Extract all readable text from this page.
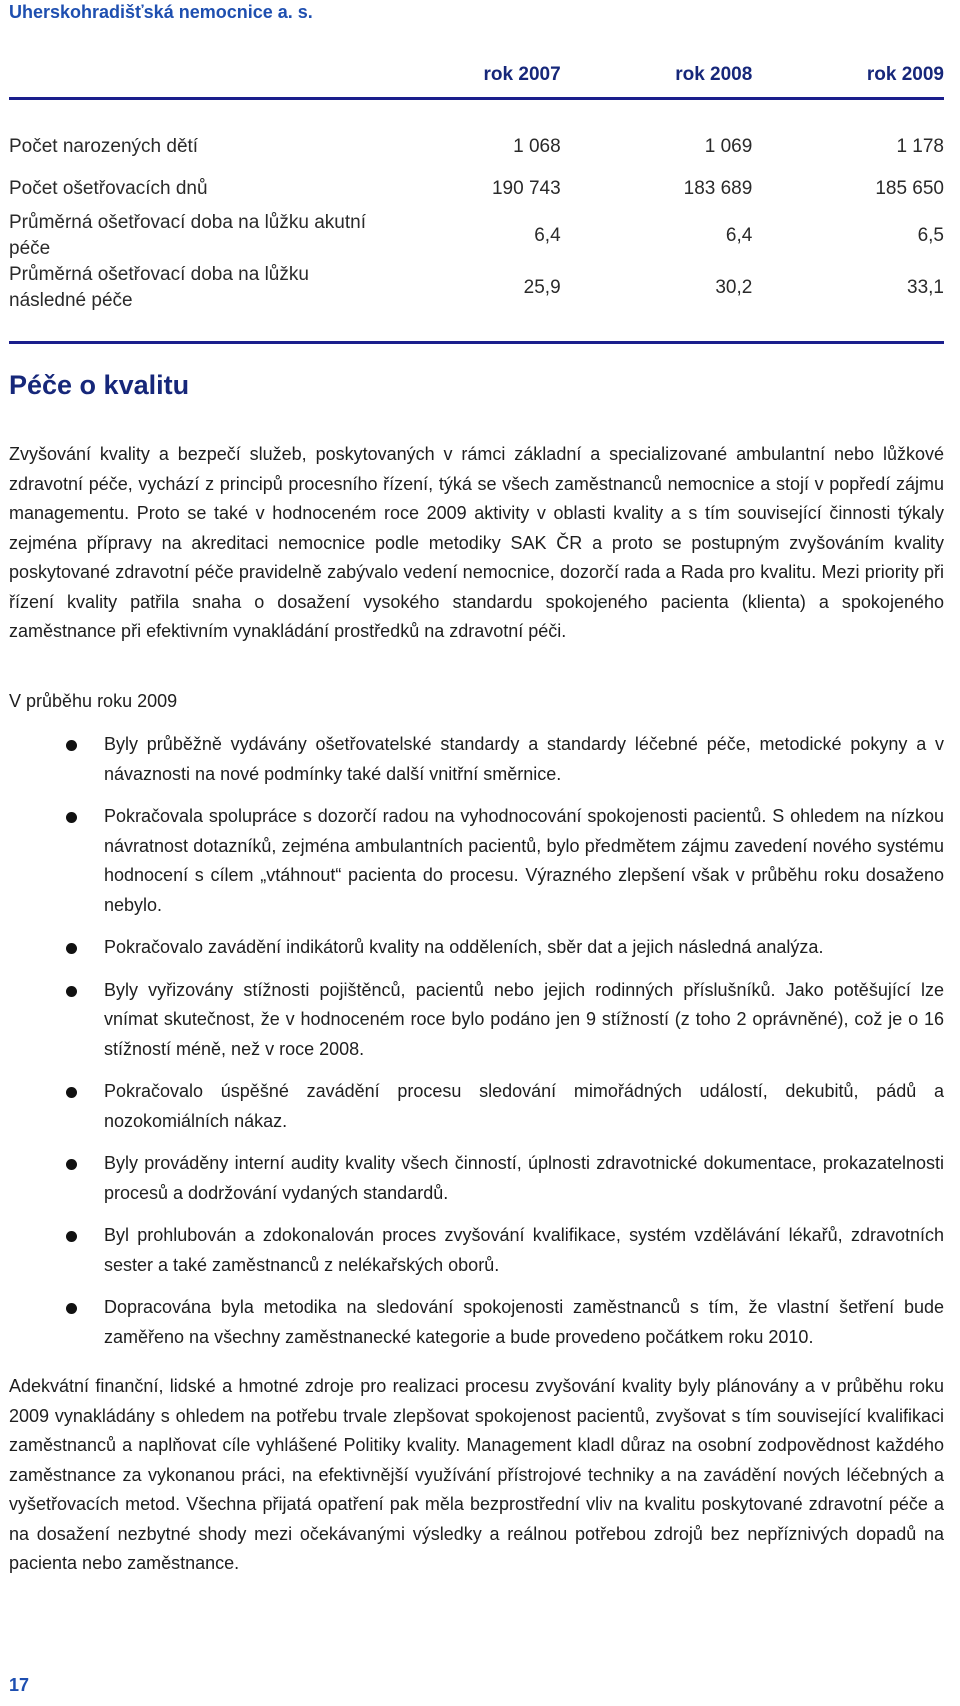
Uherskohradišťská nemocnice a. s.
	rok 2007	rok 2008	rok 2009

Počet narozených dětí	1 068	1 069	1 178
Počet ošetřovacích dnů	190 743	183 689	185 650
Průměrná ošetřovací doba na lůžku akutní péče	6,4	6,4	6,5
Průměrná ošetřovací doba na lůžku následné péče	25,9	30,2	33,1

Péče o kvalitu

Zvyšování kvality a bezpečí služeb, poskytovaných v rámci základní a specializované ambulantní nebo lůžkové zdravotní péče, vychází z principů procesního řízení, týká se všech zaměstnanců nemocnice a stojí v popředí zájmu managementu. Proto se také v hodnoceném roce 2009 aktivity v oblasti kvality a s tím související činnosti týkaly zejména přípravy na akreditaci nemocnice podle metodiky SAK ČR a proto se postupným zvyšováním kvality poskytované zdravotní péče pravidelně zabývalo vedení nemocnice, dozorčí rada a Rada pro kvalitu. Mezi priority při řízení kvality patřila snaha o dosažení vysokého standardu spokojeného pacienta (klienta) a spokojeného zaměstnance při efektivním vynakládání prostředků na zdravotní péči.

V průběhu roku 2009
Byly průběžně vydávány ošetřovatelské standardy a standardy léčebné péče, metodické pokyny a v návaznosti na nové podmínky také další vnitřní směrnice.
Pokračovala spolupráce s dozorčí radou na vyhodnocování spokojenosti pacientů. S ohledem na nízkou návratnost dotazníků, zejména ambulantních pacientů, bylo předmětem zájmu zavedení nového systému hodnocení s cílem „vtáhnout“ pacienta do procesu. Výrazného zlepšení však v průběhu roku dosaženo nebylo.
Pokračovalo zavádění indikátorů kvality na odděleních, sběr dat a jejich následná analýza.
Byly vyřizovány stížnosti pojištěnců, pacientů nebo jejich rodinných příslušníků. Jako potěšující lze vnímat skutečnost, že v hodnoceném roce bylo podáno jen 9 stížností (z toho 2 oprávněné), což je o 16 stížností méně, než v roce 2008.
Pokračovalo úspěšné zavádění procesu sledování mimořádných událostí, dekubitů, pádů a nozokomiálních nákaz.
Byly prováděny interní audity kvality všech činností, úplnosti zdravotnické dokumentace, prokazatelnosti procesů a dodržování vydaných standardů.
Byl prohlubován a zdokonalován proces zvyšování kvalifikace, systém vzdělávání lékařů, zdravotních sester a také zaměstnanců z nelékařských oborů.
Dopracována byla metodika na sledování spokojenosti zaměstnanců s tím, že vlastní šetření bude zaměřeno na všechny zaměstnanecké kategorie a bude provedeno počátkem roku 2010.

Adekvátní finanční, lidské a hmotné zdroje pro realizaci procesu zvyšování kvality byly plánovány a v průběhu roku 2009 vynakládány s ohledem na potřebu trvale zlepšovat spokojenost pacientů, zvyšovat s tím související kvalifikaci zaměstnanců a naplňovat cíle vyhlášené Politiky kvality. Management kladl důraz na osobní zodpovědnost každého zaměstnance za vykonanou práci, na efektivnější využívání přístrojové techniky a na zavádění nových léčebných a vyšetřovacích metod. Všechna přijatá opatření pak měla bezprostřední vliv na kvalitu poskytované zdravotní péče a na dosažení nezbytné shody mezi očekávanými výsledky a reálnou potřebou zdrojů bez nepříznivých dopadů na pacienta nebo zaměstnance.

17
